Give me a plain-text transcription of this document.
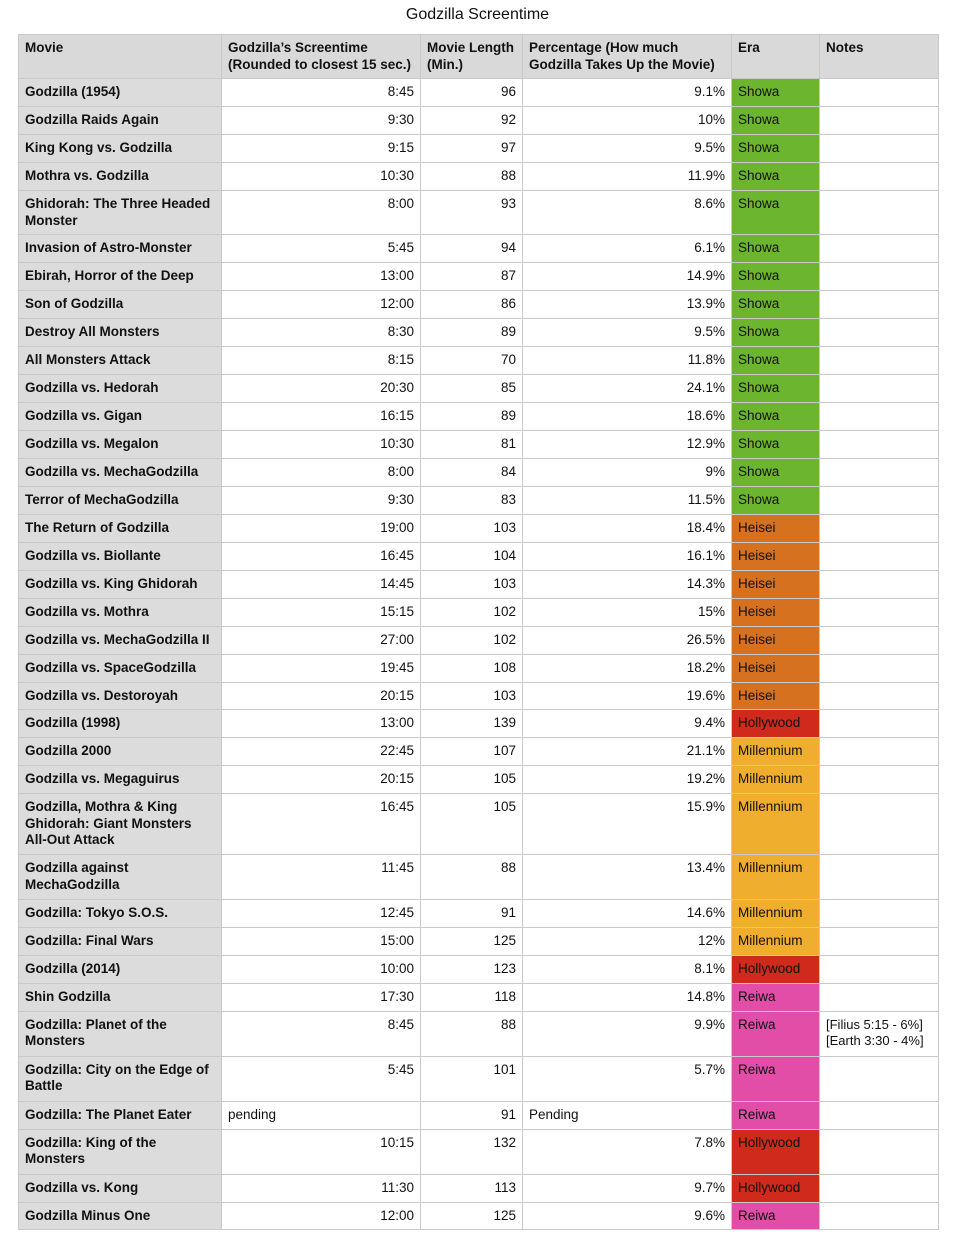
Godzilla Screentime
Movie	Godzilla’s Screentime (Rounded to closest 15 sec.)	Movie Length (Min.)	Percentage (How much Godzilla Takes Up the Movie)	Era	Notes
Godzilla (1954)	8:45	96	9.1%	Showa	
Godzilla Raids Again	9:30	92	10%	Showa	
King Kong vs. Godzilla	9:15	97	9.5%	Showa	
Mothra vs. Godzilla	10:30	88	11.9%	Showa	
Ghidorah: The Three Headed Monster	8:00	93	8.6%	Showa	
Invasion of Astro-Monster	5:45	94	6.1%	Showa	
Ebirah, Horror of the Deep	13:00	87	14.9%	Showa	
Son of Godzilla	12:00	86	13.9%	Showa	
Destroy All Monsters	8:30	89	9.5%	Showa	
All Monsters Attack	8:15	70	11.8%	Showa	
Godzilla vs. Hedorah	20:30	85	24.1%	Showa	
Godzilla vs. Gigan	16:15	89	18.6%	Showa	
Godzilla vs. Megalon	10:30	81	12.9%	Showa	
Godzilla vs. MechaGodzilla	8:00	84	9%	Showa	
Terror of MechaGodzilla	9:30	83	11.5%	Showa	
The Return of Godzilla	19:00	103	18.4%	Heisei	
Godzilla vs. Biollante	16:45	104	16.1%	Heisei	
Godzilla vs. King Ghidorah	14:45	103	14.3%	Heisei	
Godzilla vs. Mothra	15:15	102	15%	Heisei	
Godzilla vs. MechaGodzilla II	27:00	102	26.5%	Heisei	
Godzilla vs. SpaceGodzilla	19:45	108	18.2%	Heisei	
Godzilla vs. Destoroyah	20:15	103	19.6%	Heisei	
Godzilla (1998)	13:00	139	9.4%	Hollywood	
Godzilla 2000	22:45	107	21.1%	Millennium	
Godzilla vs. Megaguirus	20:15	105	19.2%	Millennium	
Godzilla, Mothra & King Ghidorah: Giant Monsters All-Out Attack	16:45	105	15.9%	Millennium	
Godzilla against MechaGodzilla	11:45	88	13.4%	Millennium	
Godzilla: Tokyo S.O.S.	12:45	91	14.6%	Millennium	
Godzilla: Final Wars	15:00	125	12%	Millennium	
Godzilla (2014)	10:00	123	8.1%	Hollywood	
Shin Godzilla	17:30	118	14.8%	Reiwa	
Godzilla: Planet of the Monsters	8:45	88	9.9%	Reiwa	[Filius 5:15 - 6%] [Earth 3:30 - 4%]
Godzilla: City on the Edge of Battle	5:45	101	5.7%	Reiwa	
Godzilla: The Planet Eater	pending	91	Pending	Reiwa	
Godzilla: King of the Monsters	10:15	132	7.8%	Hollywood	
Godzilla vs. Kong	11:30	113	9.7%	Hollywood	
Godzilla Minus One	12:00	125	9.6%	Reiwa	
